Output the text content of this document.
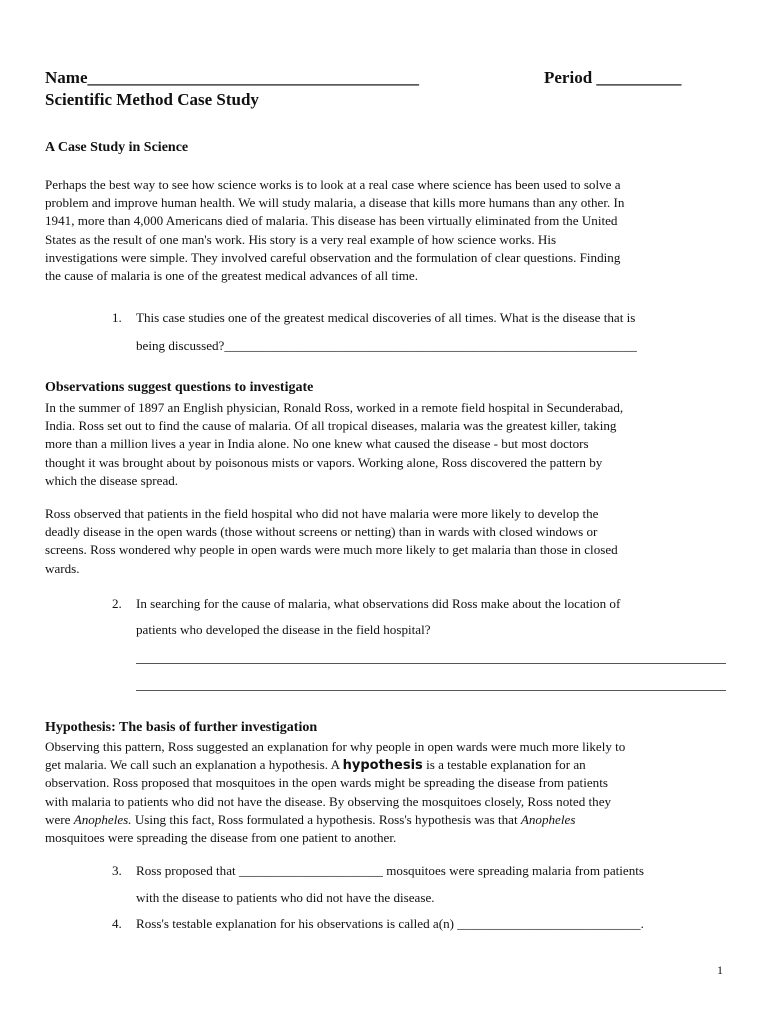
Name_______________________________________	Period __________
Scientific Method Case Study
A Case Study in Science
Perhaps the best way to see how science works is to look at a real case where science has been used to solve a
problem and improve human health. We will study malaria, a disease that kills more humans than any other. In
1941, more than 4,000 Americans died of malaria. This disease has been virtually eliminated from the United
States as the result of one man's work. His story is a very real example of how science works. His
investigations were simple. They involved careful observation and the formulation of clear questions. Finding
the cause of malaria is one of the greatest medical advances of all time.
1. This case studies one of the greatest medical discoveries of all times. What is the disease that is
being discussed?_______________________________________________________________
Observations suggest questions to investigate
In the summer of 1897 an English physician, Ronald Ross, worked in a remote field hospital in Secunderabad,
India. Ross set out to find the cause of malaria. Of all tropical diseases, malaria was the greatest killer, taking
more than a million lives a year in India alone. No one knew what caused the disease - but most doctors
thought it was brought about by poisonous mists or vapors. Working alone, Ross discovered the pattern by
which the disease spread.
Ross observed that patients in the field hospital who did not have malaria were more likely to develop the
deadly disease in the open wards (those without screens or netting) than in wards with closed windows or
screens. Ross wondered why people in open wards were much more likely to get malaria than those in closed
wards.
2. In searching for the cause of malaria, what observations did Ross make about the location of
patients who developed the disease in the field hospital?
Hypothesis: The basis of further investigation
Observing this pattern, Ross suggested an explanation for why people in open wards were much more likely to
get malaria. We call such an explanation a hypothesis. A hypothesis is a testable explanation for an
observation. Ross proposed that mosquitoes in the open wards might be spreading the disease from patients
with malaria to patients who did not have the disease. By observing the mosquitoes closely, Ross noted they
were Anopheles. Using this fact, Ross formulated a hypothesis. Ross's hypothesis was that Anopheles
mosquitoes were spreading the disease from one patient to another.
3. Ross proposed that ______________________ mosquitoes were spreading malaria from patients
with the disease to patients who did not have the disease.
4. Ross's testable explanation for his observations is called a(n) ____________________________.
1
